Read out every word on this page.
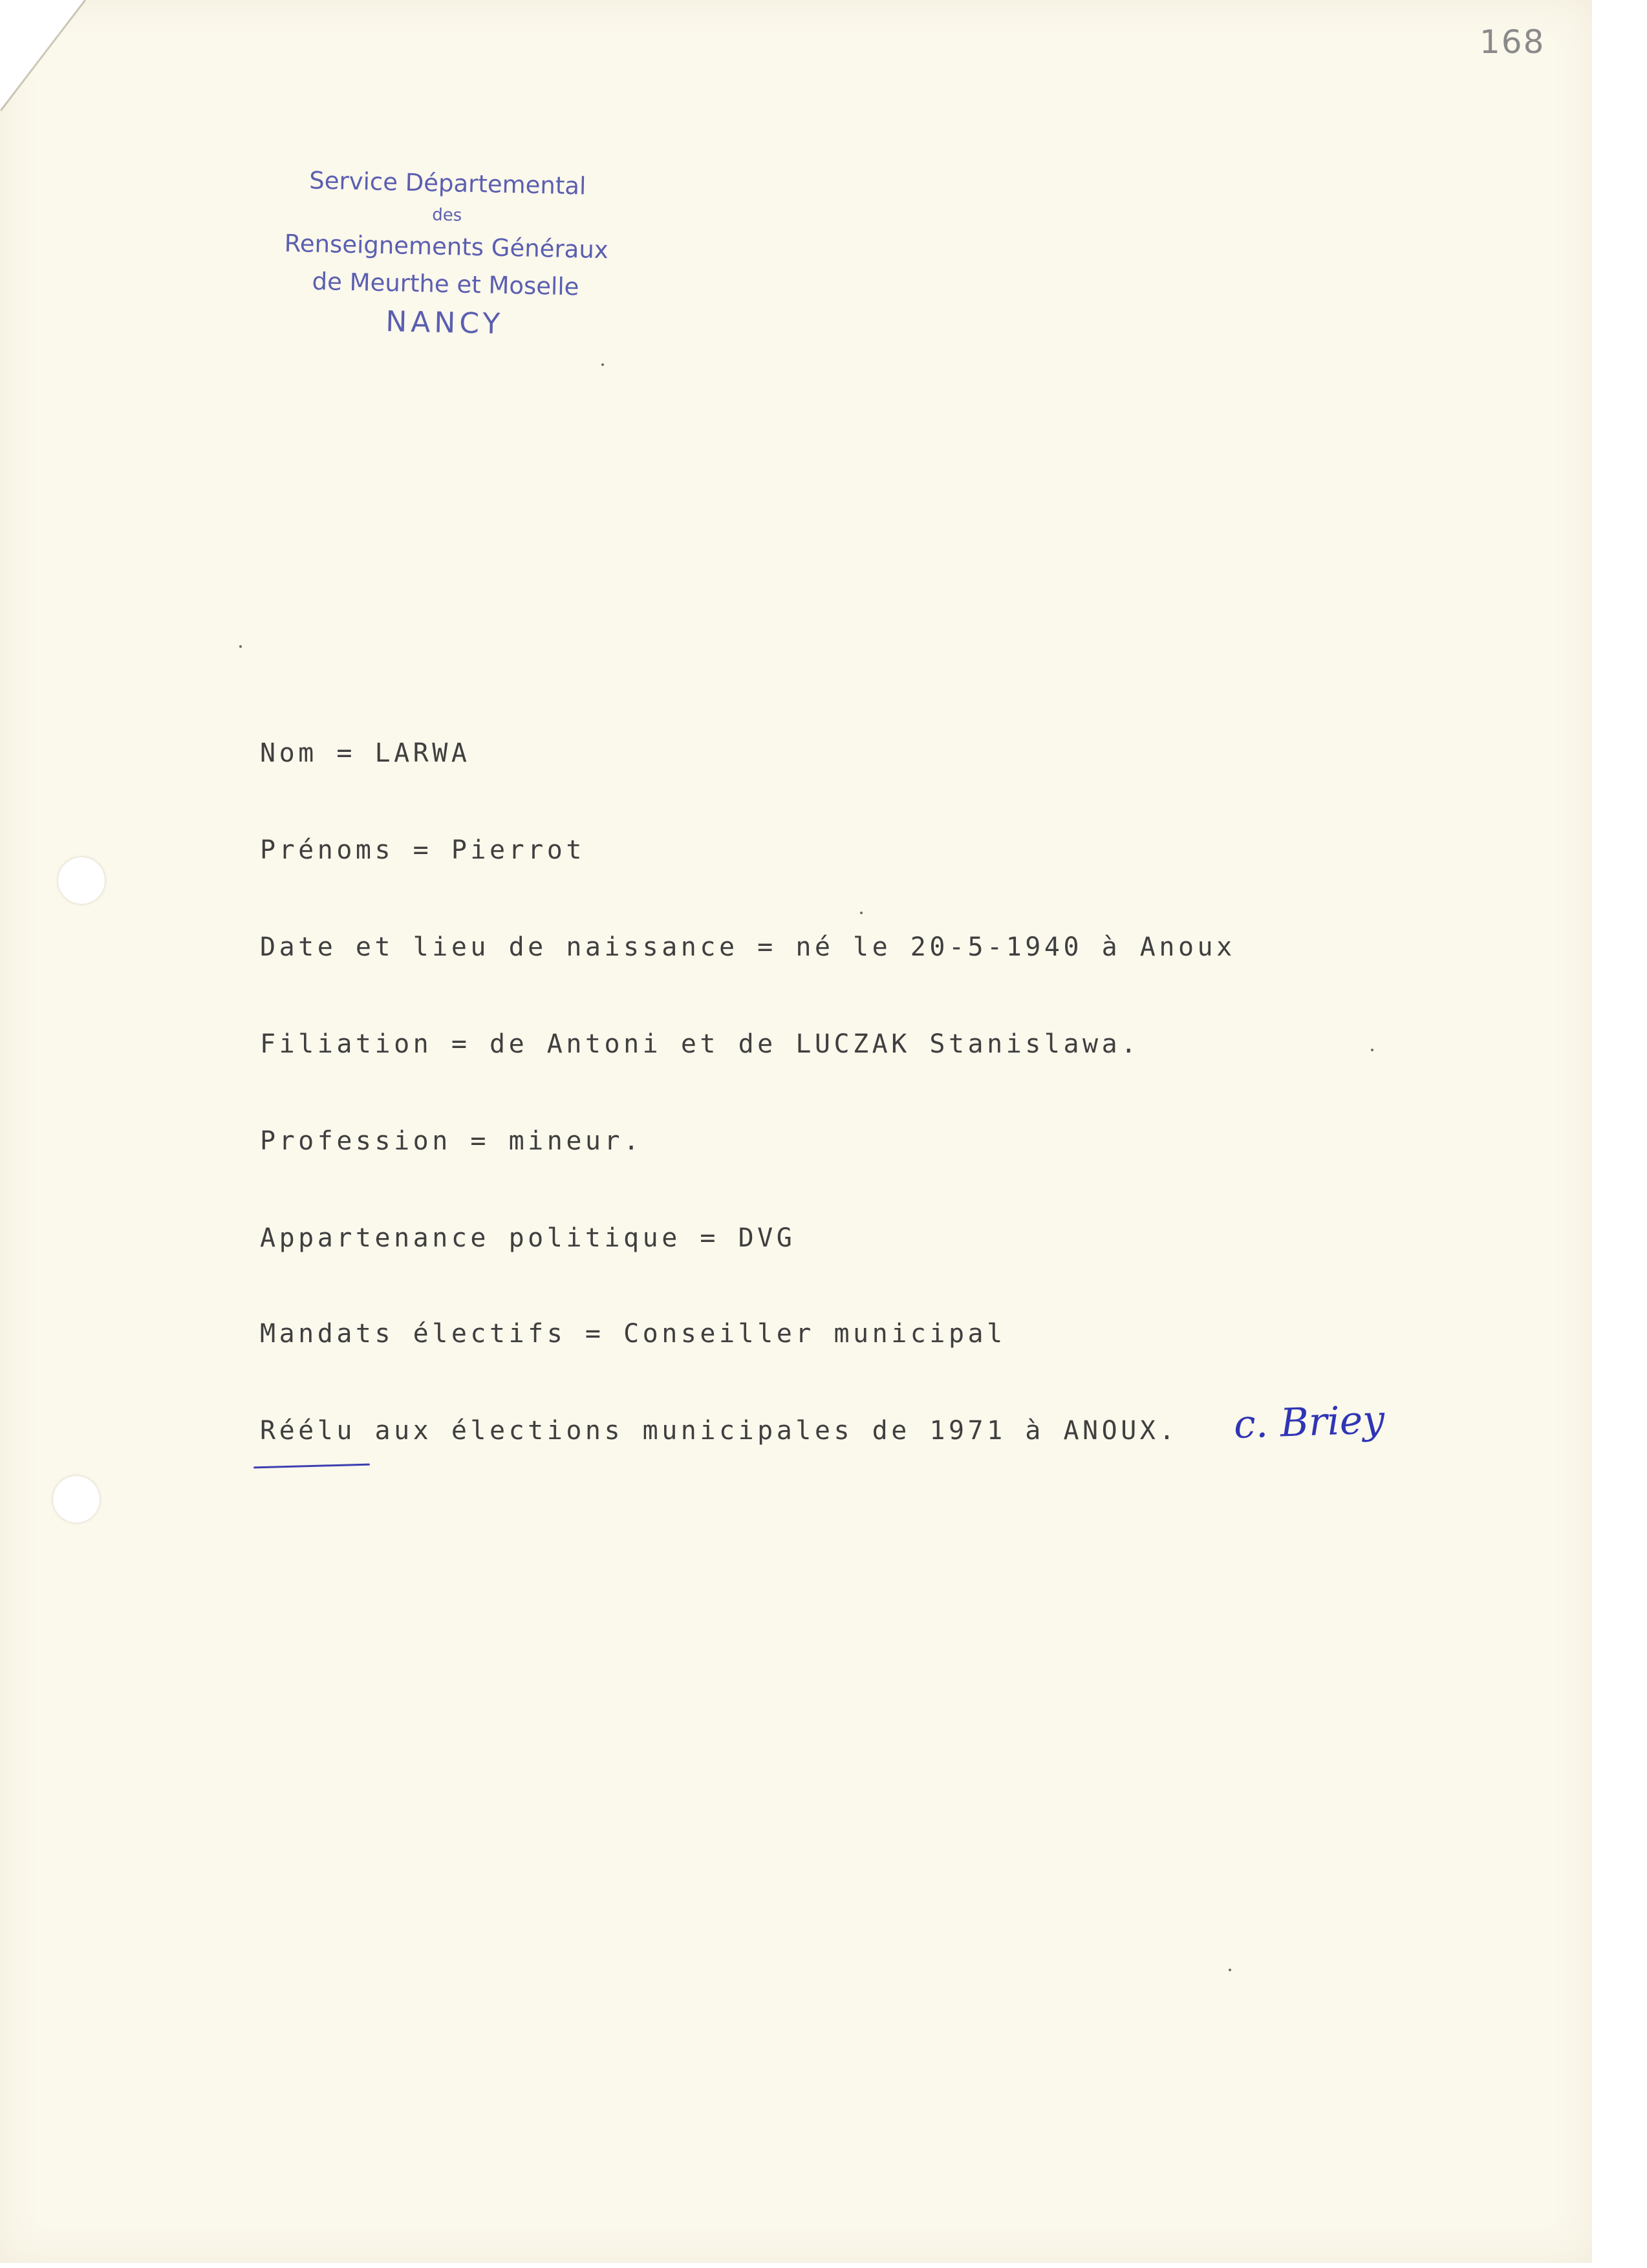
168
Service Départemental
des
Renseignements Généraux
de Meurthe et Moselle
NANCY
Nom = LARWA
Prénoms = Pierrot
Date et lieu de naissance = né le 20-5-1940 à Anoux
Filiation = de Antoni et de LUCZAK Stanislawa.
Profession = mineur.
Appartenance politique = DVG
Mandats électifs = Conseiller municipal
Réélu aux élections municipales de 1971 à ANOUX. c. Briey
